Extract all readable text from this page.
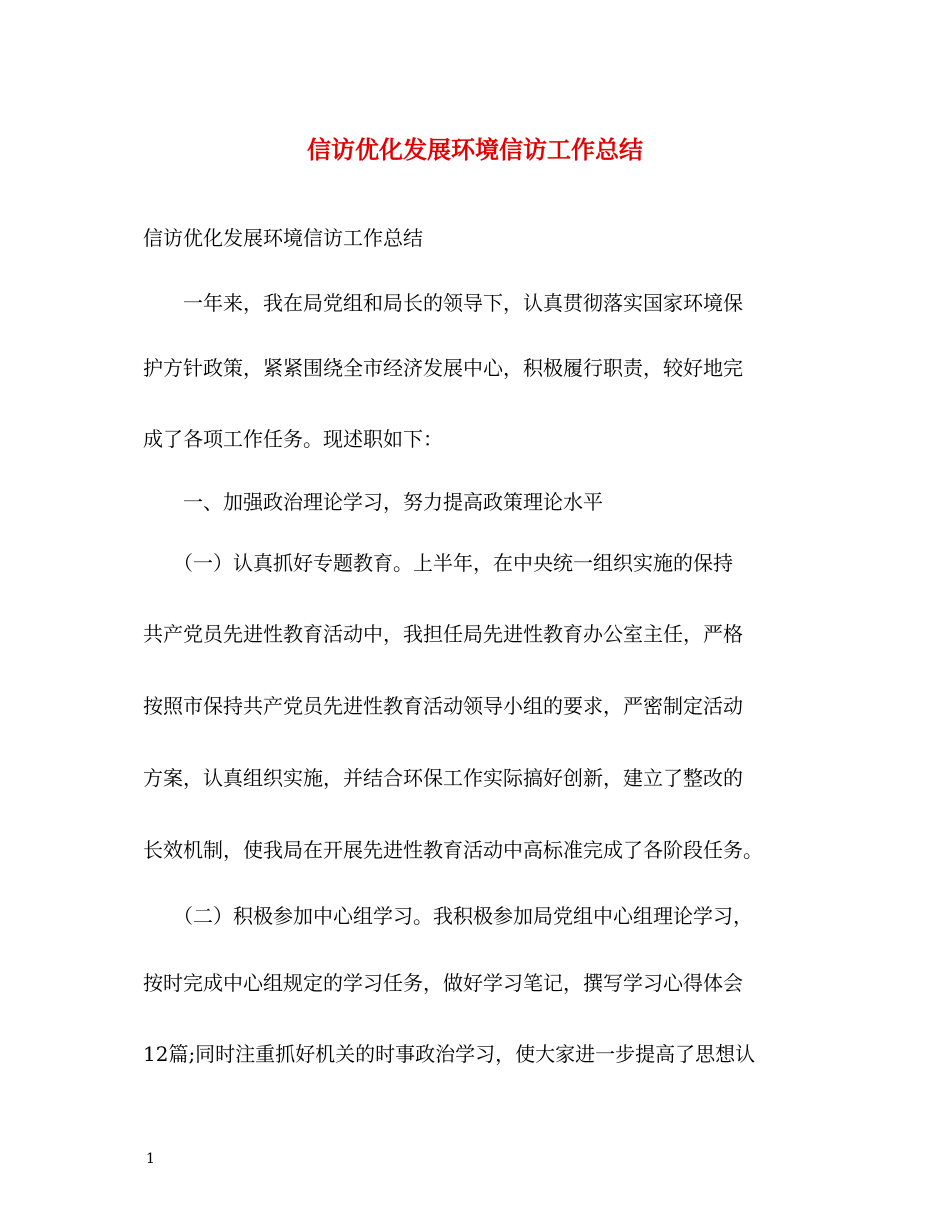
信访优化发展环境信访工作总结
信访优化发展环境信访工作总结
　　一年来，我在局党组和局长的领导下，认真贯彻落实国家环境保
护方针政策，紧紧围绕全市经济发展中心，积极履行职责，较好地完
成了各项工作任务。现述职如下：
　　一、加强政治理论学习，努力提高政策理论水平
　　（一）认真抓好专题教育。上半年，在中央统一组织实施的保持
共产党员先进性教育活动中，我担任局先进性教育办公室主任，严格
按照市保持共产党员先进性教育活动领导小组的要求，严密制定活动
方案，认真组织实施，并结合环保工作实际搞好创新，建立了整改的
长效机制，使我局在开展先进性教育活动中高标准完成了各阶段任务。
　　（二）积极参加中心组学习。我积极参加局党组中心组理论学习，
按时完成中心组规定的学习任务，做好学习笔记，撰写学习心得体会
12篇;同时注重抓好机关的时事政治学习，使大家进一步提高了思想认
1
